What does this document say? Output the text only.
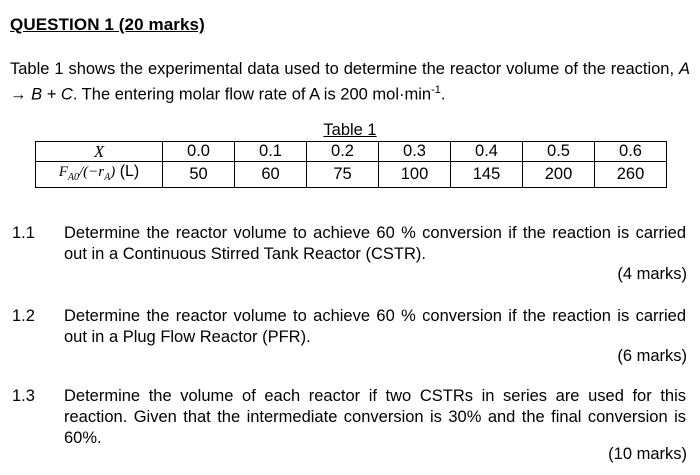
QUESTION 1 (20 marks)
Table 1 shows the experimental data used to determine the reactor volume of the reaction, A → B + C. The entering molar flow rate of A is 200 $mol\cdot\min^{-1}$.
Table 1
X	0.0	0.1	0.2	0.3	0.4	0.5	0.6
$F_{A0}/(-r_A)$ (L)	50	60	75	100	145	200	260
1.1 Determine the reactor volume to achieve 60 % conversion if the reaction is carried out in a Continuous Stirred Tank Reactor (CSTR).
(4 marks)
1.2 Determine the reactor volume to achieve 60 % conversion if the reaction is carried out in a Plug Flow Reactor (PFR).
(6 marks)
1.3 Determine the volume of each reactor if two CSTRs in series are used for this reaction. Given that the intermediate conversion is 30% and the final conversion is 60%.
(10 marks)
